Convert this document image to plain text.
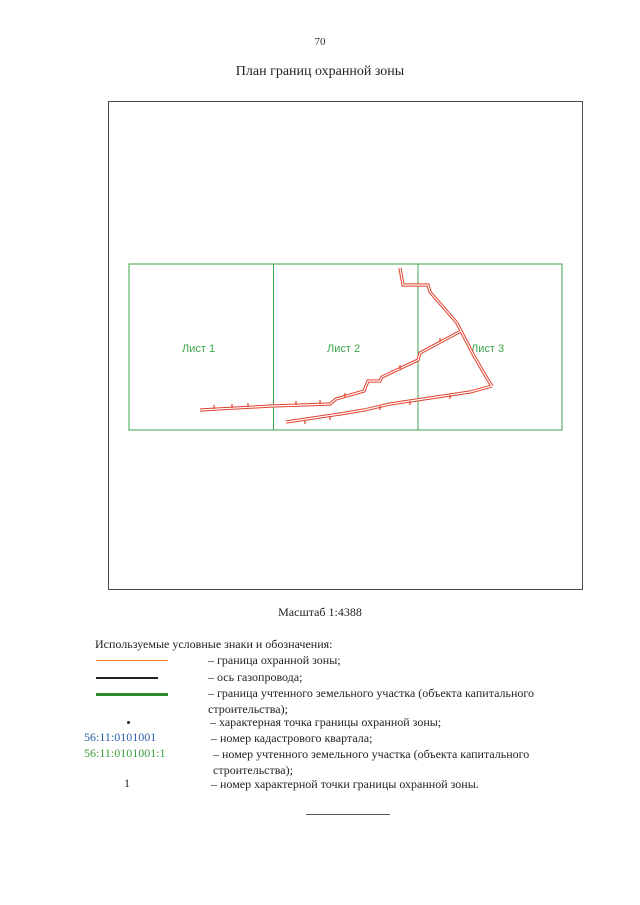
70
План границ охранной зоны
Лист 1	Лист 2	Лист 3
Масштаб 1:4388
Используемые условные знаки и обозначения:
– граница охранной зоны;
– ось газопровода;
– граница учтенного земельного участка (объекта капитального строительства);
– характерная точка границы охранной зоны;
56:11:0101001	– номер кадастрового квартала;
56:11:0101001:1	– номер учтенного земельного участка (объекта капитального строительства);
1	– номер характерной точки границы охранной зоны.
